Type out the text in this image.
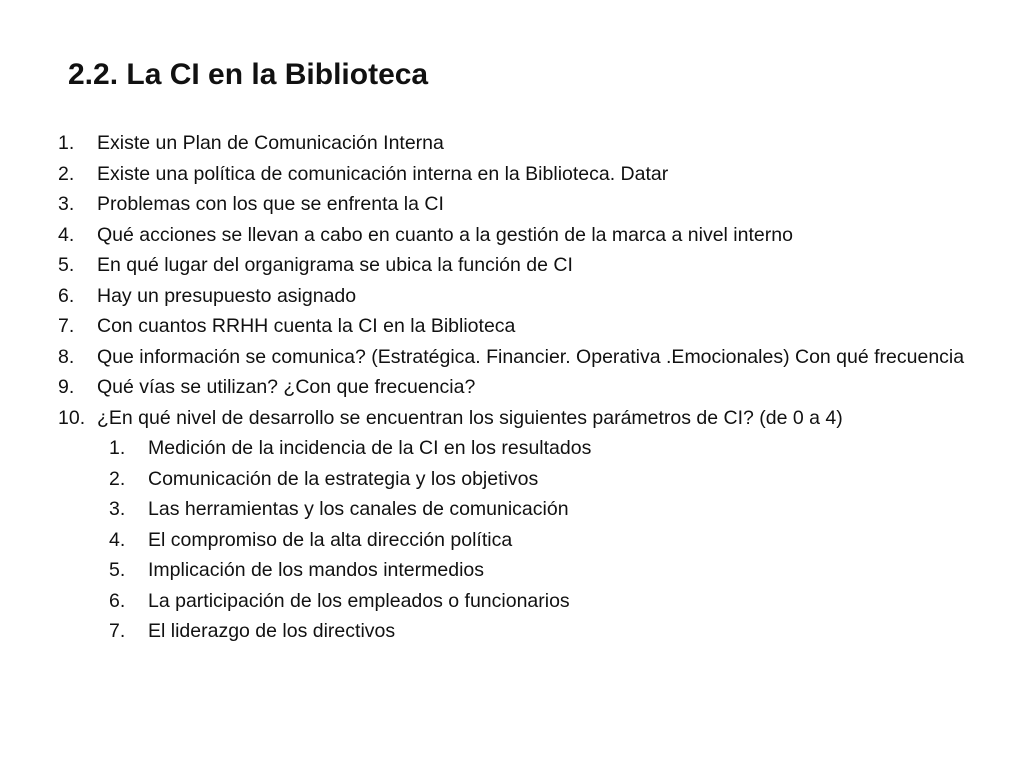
2.2. La CI en la Biblioteca
1. Existe un Plan de Comunicación Interna
2. Existe una política de comunicación interna en la Biblioteca. Datar
3. Problemas con los que se enfrenta la CI
4. Qué acciones se llevan a cabo en cuanto a la gestión de la marca a nivel interno
5. En qué lugar del organigrama se ubica la función de CI
6. Hay un presupuesto asignado
7. Con cuantos RRHH cuenta la CI en la Biblioteca
8. Que información se comunica? (Estratégica. Financier. Operativa .Emocionales) Con qué frecuencia
9. Qué vías se utilizan? ¿Con que frecuencia?
10. ¿En qué nivel de desarrollo se encuentran los siguientes parámetros de CI? (de 0 a 4)
1. Medición de la incidencia de la CI en los resultados
2. Comunicación de la estrategia y los objetivos
3. Las herramientas y los canales de comunicación
4. El compromiso de la alta dirección política
5. Implicación de los mandos intermedios
6. La participación de los empleados o funcionarios
7. El liderazgo de los directivos
